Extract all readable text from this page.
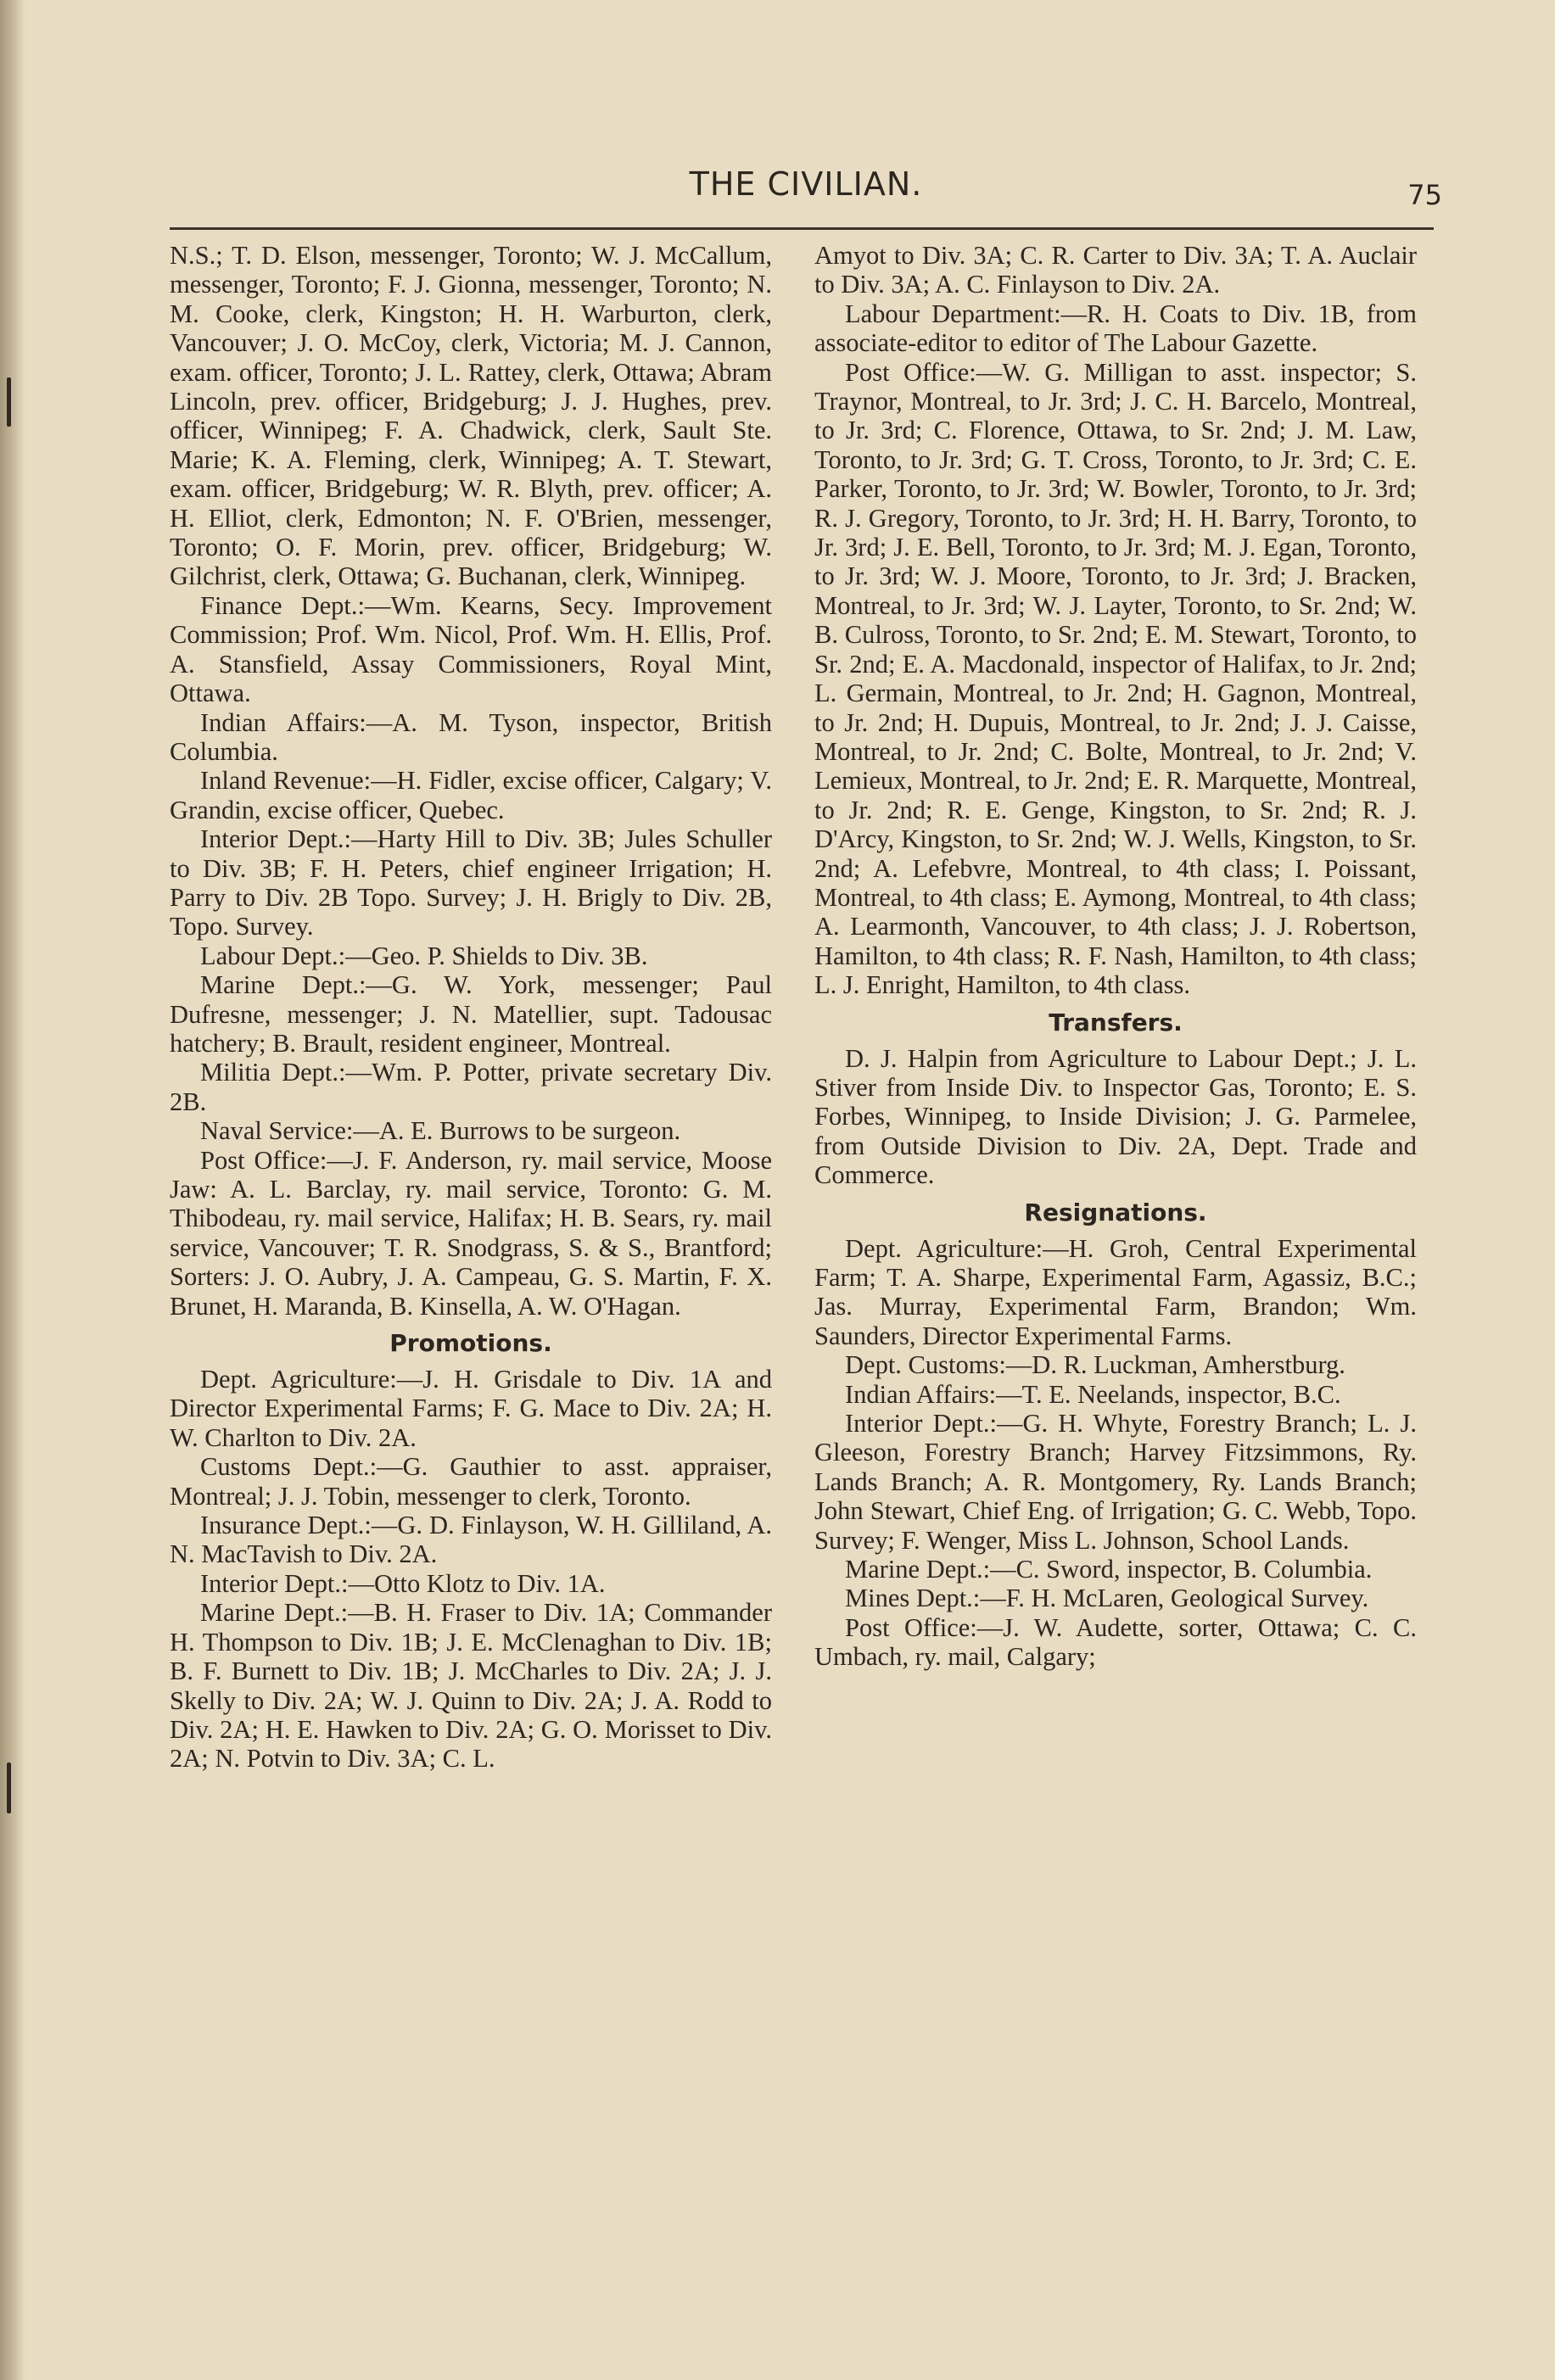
THE CIVILIAN.	75

N.S.; T. D. Elson, messenger, Toronto; W. J. McCallum, messenger, Toronto; F. J. Gionna, messenger, Toronto; N. M. Cooke, clerk, Kingston; H. H. Warburton, clerk, Vancouver; J. O. McCoy, clerk, Victoria; M. J. Cannon, exam. officer, Toronto; J. L. Rattey, clerk, Ottawa; Abram Lincoln, prev. officer, Bridgeburg; J. J. Hughes, prev. officer, Winnipeg; F. A. Chadwick, clerk, Sault Ste. Marie; K. A. Fleming, clerk, Winnipeg; A. T. Stewart, exam. officer, Bridgeburg; W. R. Blyth, prev. officer; A. H. Elliot, clerk, Edmonton; N. F. O'Brien, messenger, Toronto; O. F. Morin, prev. officer, Bridgeburg; W. Gilchrist, clerk, Ottawa; G. Buchanan, clerk, Winnipeg.

Finance Dept.:—Wm. Kearns, Secy. Improvement Commission; Prof. Wm. Nicol, Prof. Wm. H. Ellis, Prof. A. Stansfield, Assay Commissioners, Royal Mint, Ottawa.

Indian Affairs:—A. M. Tyson, inspector, British Columbia.

Inland Revenue:—H. Fidler, excise officer, Calgary; V. Grandin, excise officer, Quebec.

Interior Dept.:—Harty Hill to Div. 3B; Jules Schuller to Div. 3B; F. H. Peters, chief engineer Irrigation; H. Parry to Div. 2B Topo. Survey; J. H. Brigly to Div. 2B, Topo. Survey.

Labour Dept.:—Geo. P. Shields to Div. 3B.

Marine Dept.:—G. W. York, messenger; Paul Dufresne, messenger; J. N. Matellier, supt. Tadousac hatchery; B. Brault, resident engineer, Montreal.

Militia Dept.:—Wm. P. Potter, private secretary Div. 2B.

Naval Service:—A. E. Burrows to be surgeon.

Post Office:—J. F. Anderson, ry. mail service, Moose Jaw: A. L. Barclay, ry. mail service, Toronto: G. M. Thibodeau, ry. mail service, Halifax; H. B. Sears, ry. mail service, Vancouver; T. R. Snodgrass, S. & S., Brantford; Sorters: J. O. Aubry, J. A. Campeau, G. S. Martin, F. X. Brunet, H. Maranda, B. Kinsella, A. W. O'Hagan.

Promotions.

Dept. Agriculture:—J. H. Grisdale to Div. 1A and Director Experimental Farms; F. G. Mace to Div. 2A; H. W. Charlton to Div. 2A.

Customs Dept.:—G. Gauthier to asst. appraiser, Montreal; J. J. Tobin, messenger to clerk, Toronto.

Insurance Dept.:—G. D. Finlayson, W. H. Gilliland, A. N. MacTavish to Div. 2A.

Interior Dept.:—Otto Klotz to Div. 1A.

Marine Dept.:—B. H. Fraser to Div. 1A; Commander H. Thompson to Div. 1B; J. E. McClenaghan to Div. 1B; B. F. Burnett to Div. 1B; J. McCharles to Div. 2A; J. J. Skelly to Div. 2A; W. J. Quinn to Div. 2A; J. A. Rodd to Div. 2A; H. E. Hawken to Div. 2A; G. O. Morisset to Div. 2A; N. Potvin to Div. 3A; C. L.

Amyot to Div. 3A; C. R. Carter to Div. 3A; T. A. Auclair to Div. 3A; A. C. Finlayson to Div. 2A.

Labour Department:—R. H. Coats to Div. 1B, from associate-editor to editor of The Labour Gazette.

Post Office:—W. G. Milligan to asst. inspector; S. Traynor, Montreal, to Jr. 3rd; J. C. H. Barcelo, Montreal, to Jr. 3rd; C. Florence, Ottawa, to Sr. 2nd; J. M. Law, Toronto, to Jr. 3rd; G. T. Cross, Toronto, to Jr. 3rd; C. E. Parker, Toronto, to Jr. 3rd; W. Bowler, Toronto, to Jr. 3rd; R. J. Gregory, Toronto, to Jr. 3rd; H. H. Barry, Toronto, to Jr. 3rd; J. E. Bell, Toronto, to Jr. 3rd; M. J. Egan, Toronto, to Jr. 3rd; W. J. Moore, Toronto, to Jr. 3rd; J. Bracken, Montreal, to Jr. 3rd; W. J. Layter, Toronto, to Sr. 2nd; W. B. Culross, Toronto, to Sr. 2nd; E. M. Stewart, Toronto, to Sr. 2nd; E. A. Macdonald, inspector of Halifax, to Jr. 2nd; L. Germain, Montreal, to Jr. 2nd; H. Gagnon, Montreal, to Jr. 2nd; H. Dupuis, Montreal, to Jr. 2nd; J. J. Caisse, Montreal, to Jr. 2nd; C. Bolte, Montreal, to Jr. 2nd; V. Lemieux, Montreal, to Jr. 2nd; E. R. Marquette, Montreal, to Jr. 2nd; R. E. Genge, Kingston, to Sr. 2nd; R. J. D'Arcy, Kingston, to Sr. 2nd; W. J. Wells, Kingston, to Sr. 2nd; A. Lefebvre, Montreal, to 4th class; I. Poissant, Montreal, to 4th class; E. Aymong, Montreal, to 4th class; A. Learmonth, Vancouver, to 4th class; J. J. Robertson, Hamilton, to 4th class; R. F. Nash, Hamilton, to 4th class; L. J. Enright, Hamilton, to 4th class.

Transfers.

D. J. Halpin from Agriculture to Labour Dept.; J. L. Stiver from Inside Div. to Inspector Gas, Toronto; E. S. Forbes, Winnipeg, to Inside Division; J. G. Parmelee, from Outside Division to Div. 2A, Dept. Trade and Commerce.

Resignations.

Dept. Agriculture:—H. Groh, Central Experimental Farm; T. A. Sharpe, Experimental Farm, Agassiz, B.C.; Jas. Murray, Experimental Farm, Brandon; Wm. Saunders, Director Experimental Farms.

Dept. Customs:—D. R. Luckman, Amherstburg.

Indian Affairs:—T. E. Neelands, inspector, B.C.

Interior Dept.:—G. H. Whyte, Forestry Branch; L. J. Gleeson, Forestry Branch; Harvey Fitzsimmons, Ry. Lands Branch; A. R. Montgomery, Ry. Lands Branch; John Stewart, Chief Eng. of Irrigation; G. C. Webb, Topo. Survey; F. Wenger, Miss L. Johnson, School Lands.

Marine Dept.:—C. Sword, inspector, B. Columbia.

Mines Dept.:—F. H. McLaren, Geological Survey.

Post Office:—J. W. Audette, sorter, Ottawa; C. C. Umbach, ry. mail, Calgary;
